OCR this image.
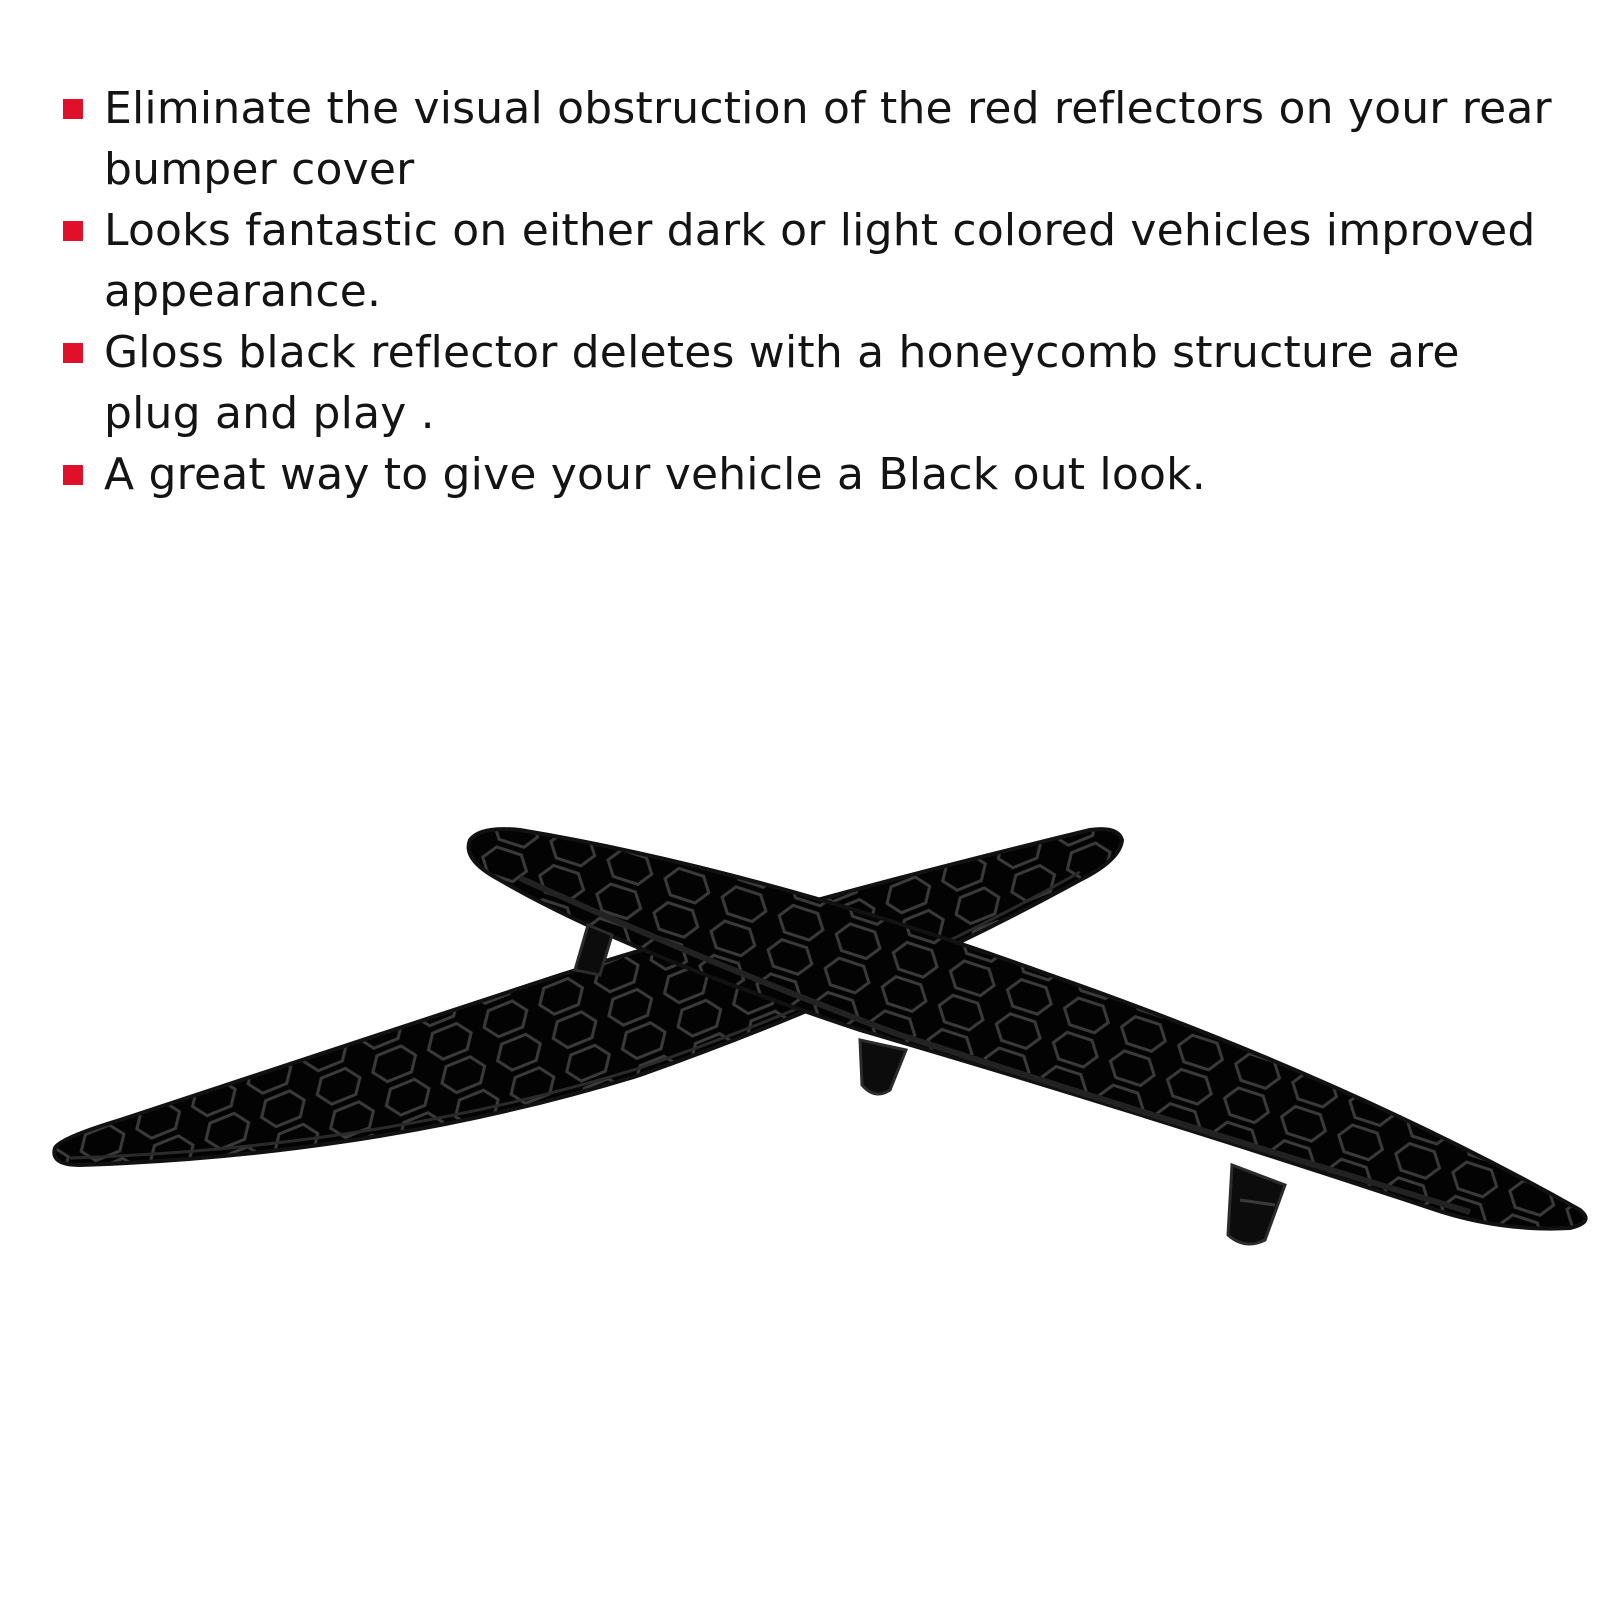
Eliminate the visual obstruction of the red reflectors on your rear bumper cover
Looks fantastic on either dark or light colored vehicles improved appearance.
Gloss black reflector deletes with a honeycomb structure are plug and play .
A great way to give your vehicle a Black out look.
